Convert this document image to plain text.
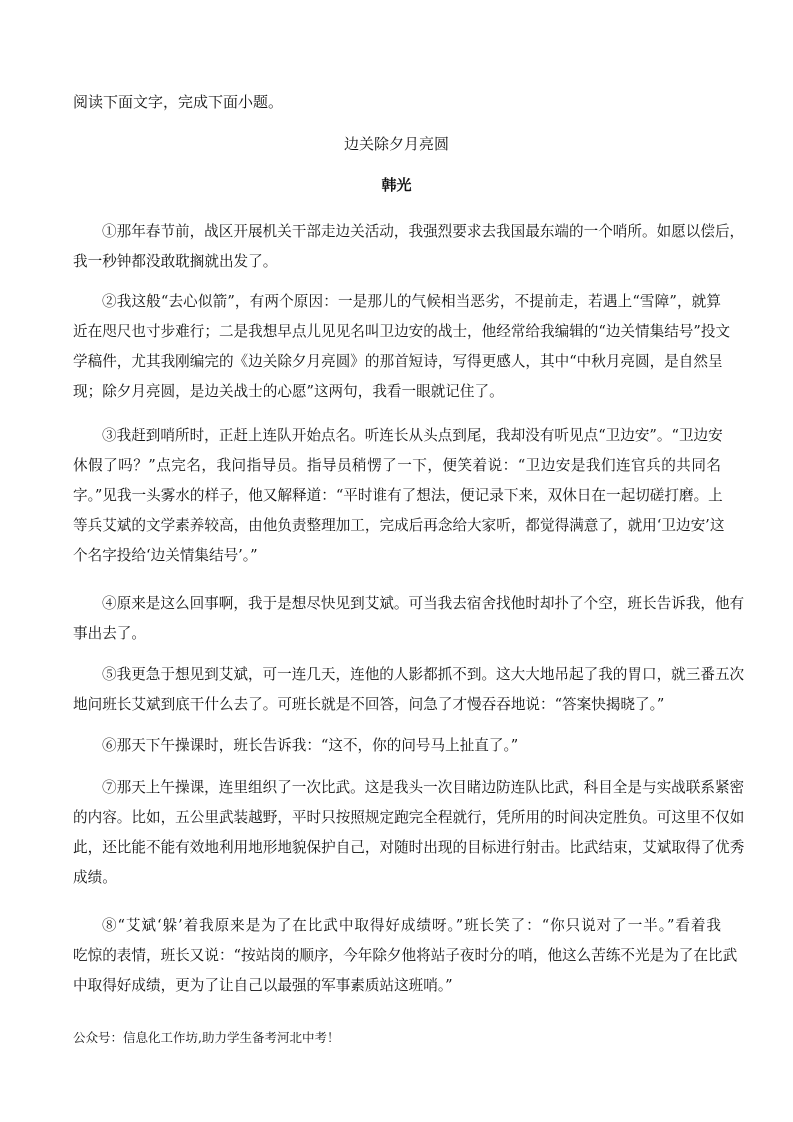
阅读下面文字，完成下面小题。
边关除夕月亮圆
韩光
①那年春节前，战区开展机关干部走边关活动，我强烈要求去我国最东端的一个哨所。如愿以偿后，
我一秒钟都没敢耽搁就出发了。
②我这般“去心似箭”，有两个原因：一是那儿的气候相当恶劣，不提前走，若遇上“雪障”，就算
近在咫尺也寸步难行；二是我想早点儿见见名叫卫边安的战士，他经常给我编辑的“边关情集结号”投文
学稿件，尤其我刚编完的《边关除夕月亮圆》的那首短诗，写得更感人，其中“中秋月亮圆，是自然呈
现；除夕月亮圆，是边关战士的心愿”这两句，我看一眼就记住了。
③我赶到哨所时，正赶上连队开始点名。听连长从头点到尾，我却没有听见点“卫边安”。“卫边安
休假了吗？”点完名，我问指导员。指导员稍愣了一下，便笑着说：“卫边安是我们连官兵的共同名
字。”见我一头雾水的样子，他又解释道：“平时谁有了想法，便记录下来，双休日在一起切磋打磨。上
等兵艾斌的文学素养较高，由他负责整理加工，完成后再念给大家听，都觉得满意了，就用‘卫边安’这
个名字投给‘边关情集结号’。”
④原来是这么回事啊，我于是想尽快见到艾斌。可当我去宿舍找他时却扑了个空，班长告诉我，他有
事出去了。
⑤我更急于想见到艾斌，可一连几天，连他的人影都抓不到。这大大地吊起了我的胃口，就三番五次
地问班长艾斌到底干什么去了。可班长就是不回答，问急了才慢吞吞地说：“答案快揭晓了。”
⑥那天下午操课时，班长告诉我：“这不，你的问号马上扯直了。”
⑦那天上午操课，连里组织了一次比武。这是我头一次目睹边防连队比武，科目全是与实战联系紧密
的内容。比如，五公里武装越野，平时只按照规定跑完全程就行，凭所用的时间决定胜负。可这里不仅如
此，还比能不能有效地利用地形地貌保护自己，对随时出现的目标进行射击。比武结束，艾斌取得了优秀
成绩。
⑧“艾斌‘躲’着我原来是为了在比武中取得好成绩呀。”班长笑了：“你只说对了一半。”看着我
吃惊的表情，班长又说：“按站岗的顺序，今年除夕他将站子夜时分的哨，他这么苦练不光是为了在比武
中取得好成绩，更为了让自己以最强的军事素质站这班哨。”
公众号：信息化工作坊,助力学生备考河北中考！
